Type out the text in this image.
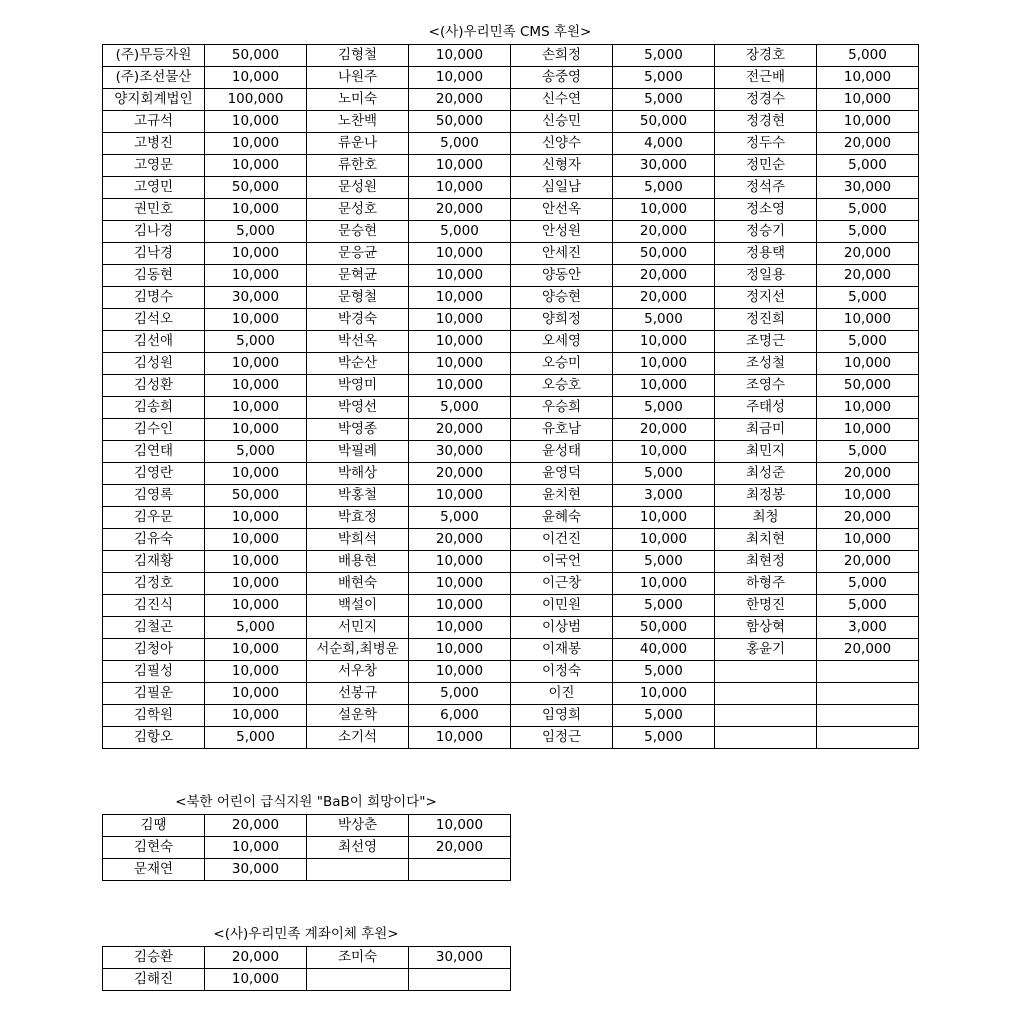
<(사)우리민족 CMS 후원>
(주)무등자원	50,000	김형철	10,000	손희정	5,000	장경호	5,000
(주)조선물산	10,000	나원주	10,000	송중영	5,000	전근배	10,000
양지회계법인	100,000	노미숙	20,000	신수연	5,000	정경수	10,000
고규석	10,000	노찬백	50,000	신승민	50,000	정경현	10,000
고병진	10,000	류운나	5,000	신양수	4,000	정두수	20,000
고영문	10,000	류한호	10,000	신형자	30,000	정민순	5,000
고영민	50,000	문성원	10,000	심일남	5,000	정석주	30,000
권민호	10,000	문성호	20,000	안선옥	10,000	정소영	5,000
김나경	5,000	문승현	5,000	안성원	20,000	정승기	5,000
김낙경	10,000	문응균	10,000	안세진	50,000	정용택	20,000
김동현	10,000	문혁균	10,000	양동안	20,000	정일용	20,000
김명수	30,000	문형철	10,000	양승현	20,000	정지선	5,000
김석오	10,000	박경숙	10,000	양희정	5,000	정진희	10,000
김선애	5,000	박선옥	10,000	오세영	10,000	조명근	5,000
김성원	10,000	박순산	10,000	오승미	10,000	조성철	10,000
김성환	10,000	박영미	10,000	오승호	10,000	조영수	50,000
김송희	10,000	박영선	5,000	우승희	5,000	주태성	10,000
김수인	10,000	박영종	20,000	유호남	20,000	최금미	10,000
김연태	5,000	박필례	30,000	윤성태	10,000	최민지	5,000
김영란	10,000	박해상	20,000	윤영덕	5,000	최성준	20,000
김영록	50,000	박홍철	10,000	윤치현	3,000	최정봉	10,000
김우문	10,000	박효정	5,000	윤혜숙	10,000	최청	20,000
김유숙	10,000	박희석	20,000	이건진	10,000	최치현	10,000
김재황	10,000	배용현	10,000	이국언	5,000	최현정	20,000
김정호	10,000	배현숙	10,000	이근창	10,000	하형주	5,000
김진식	10,000	백설이	10,000	이민원	5,000	한명진	5,000
김철곤	5,000	서민지	10,000	이상범	50,000	함상혁	3,000
김청아	10,000	서순희,최병운	10,000	이재봉	40,000	홍윤기	20,000
김필성	10,000	서우창	10,000	이정숙	5,000		
김필운	10,000	선봉규	5,000	이진	10,000		
김학원	10,000	설운학	6,000	임영희	5,000		
김항오	5,000	소기석	10,000	임정근	5,000		
<북한 어린이 급식지원 "BaB이 희망이다">
김땡	20,000	박상춘	10,000
김현숙	10,000	최선영	20,000
문재연	30,000		
<(사)우리민족 계좌이체 후원>
김승환	20,000	조미숙	30,000
김해진	10,000		
